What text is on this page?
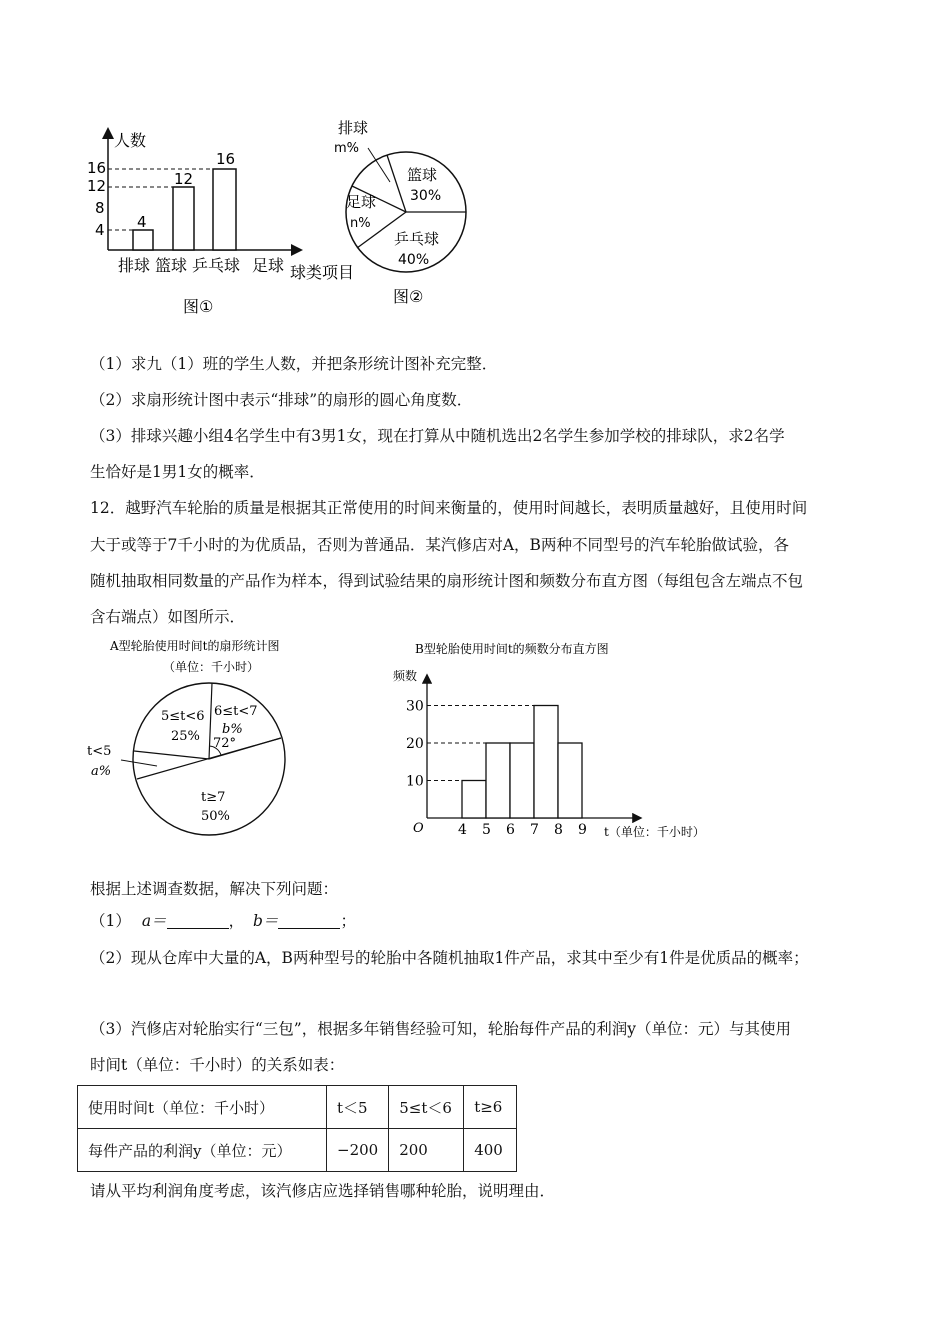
人数
球类项目
16
12
8
4 4
12
16
排球 篮球 乒乓球 足球
图①
排球
m%
篮球
30%
乒乓球
40%
足球
n%
图②
（1）求九（1）班的学生人数，并把条形统计图补充完整．
（2）求扇形统计图中表示“排球”的扇形的圆心角度数．
（3）排球兴趣小组4名学生中有3男1女，现在打算从中随机选出2名学生参加学校的排球队，求2名学
生恰好是1男1女的概率．
12．越野汽车轮胎的质量是根据其正常使用的时间来衡量的，使用时间越长，表明质量越好，且使用时间
大于或等于7千小时的为优质品，否则为普通品．某汽修店对A，B两种不同型号的汽车轮胎做试验，各
随机抽取相同数量的产品作为样本，得到试验结果的扇形统计图和频数分布直方图（每组包含左端点不包
含右端点）如图所示．
A型轮胎使用时间t的扇形统计图
（单位：千小时）
5≤t<6
25%
6≤t<7
b%
72°
t<5
a%
t≥7
50%
B型轮胎使用时间t的频数分布直方图
频数
O	t（单位：千小时）
10
20
30
4 5 6 7 8 9
根据上述调查数据，解决下列问题：
（1） a＝	， b＝	；
（2）现从仓库中大量的A，B两种型号的轮胎中各随机抽取1件产品，求其中至少有1件是优质品的概率；
（3）汽修店对轮胎实行“三包”，根据多年销售经验可知，轮胎每件产品的利润y（单位：元）与其使用
时间t（单位：千小时）的关系如表：
使用时间t（单位：千小时）	t＜5	5≤t＜6	t≥6
每件产品的利润y（单位：元）	−200	200	400
请从平均利润角度考虑，该汽修店应选择销售哪种轮胎，说明理由．
